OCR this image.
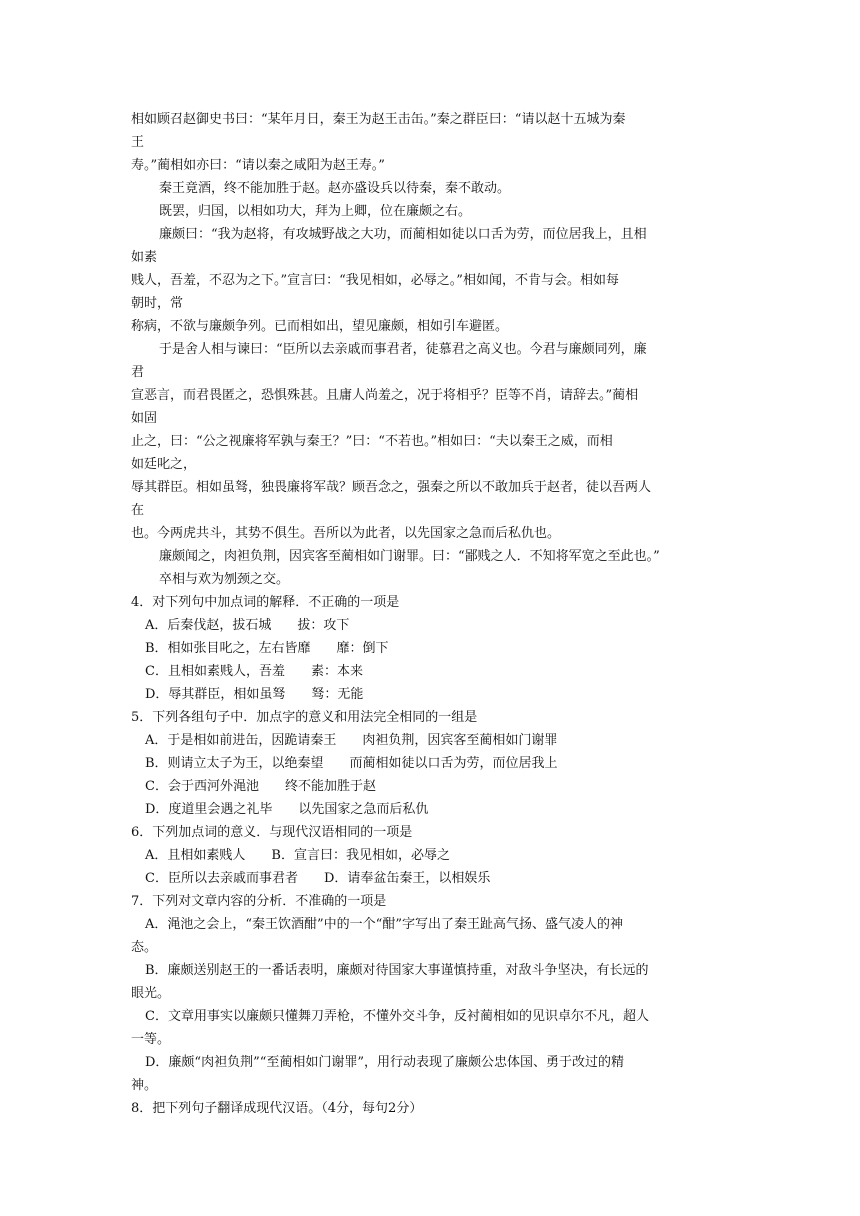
相如顾召赵御史书曰：“某年月日，秦王为赵王击缶。”秦之群臣曰：“请以赵十五城为秦
王
寿。”蔺相如亦曰：“请以秦之咸阳为赵王寿。”
秦王竟酒，终不能加胜于赵。赵亦盛设兵以待秦，秦不敢动。
既罢，归国，以相如功大，拜为上卿，位在廉颇之右。
廉颇曰：“我为赵将，有攻城野战之大功，而蔺相如徒以口舌为劳，而位居我上，且相
如素
贱人，吾羞，不忍为之下。”宣言曰：“我见相如，必辱之。”相如闻，不肯与会。相如每
朝时，常
称病，不欲与廉颇争列。已而相如出，望见廉颇，相如引车避匿。
于是舍人相与谏曰：“臣所以去亲戚而事君者，徒慕君之高义也。今君与廉颇同列，廉
君
宣恶言，而君畏匿之，恐惧殊甚。且庸人尚羞之，况于将相乎？臣等不肖，请辞去。”蔺相
如固
止之，曰：“公之视廉将军孰与秦王？”曰：“不若也。”相如曰：“夫以秦王之威，而相
如廷叱之，
辱其群臣。相如虽驽，独畏廉将军哉？顾吾念之，强秦之所以不敢加兵于赵者，徒以吾两人
在
也。今两虎共斗，其势不俱生。吾所以为此者，以先国家之急而后私仇也。
廉颇闻之，肉袒负荆，因宾客至蔺相如门谢罪。曰：“鄙贱之人．不知将军宽之至此也。”
卒相与欢为刎颈之交。
4．对下列句中加点词的解释．不正确的一项是
A．后秦伐赵，拔石城　　拔：攻下
B．相如张目叱之，左右皆靡　　靡：倒下
C．且相如素贱人，吾羞　　素：本来
D．辱其群臣，相如虽驽　　驽：无能
5．下列各组句子中．加点字的意义和用法完全相同的一组是
A．于是相如前进缶，因跪请秦王　　肉袒负荆，因宾客至蔺相如门谢罪
B．则请立太子为王，以绝秦望　　而蔺相如徒以口舌为劳，而位居我上
C．会于西河外渑池　　终不能加胜于赵
D．度道里会遇之礼毕　　以先国家之急而后私仇
6．下列加点词的意义．与现代汉语相同的一项是
A．且相如素贱人　　B．宣言曰：我见相如，必辱之
C．臣所以去亲戚而事君者　　D．请奉盆缶秦王，以相娱乐
7．下列对文章内容的分析．不准确的一项是
A．渑池之会上，“秦王饮酒酣”中的一个“酣”字写出了秦王趾高气扬、盛气凌人的神
态。
B．廉颇送别赵王的一番话表明，廉颇对待国家大事谨慎持重，对敌斗争坚决，有长远的
眼光。
C．文章用事实以廉颇只懂舞刀弄枪，不懂外交斗争，反衬蔺相如的见识卓尔不凡，超人
一等。
D．廉颇“肉袒负荆”“至蔺相如门谢罪”，用行动表现了廉颇公忠体国、勇于改过的精
神。
8．把下列句子翻译成现代汉语。（4分，每句2分）
